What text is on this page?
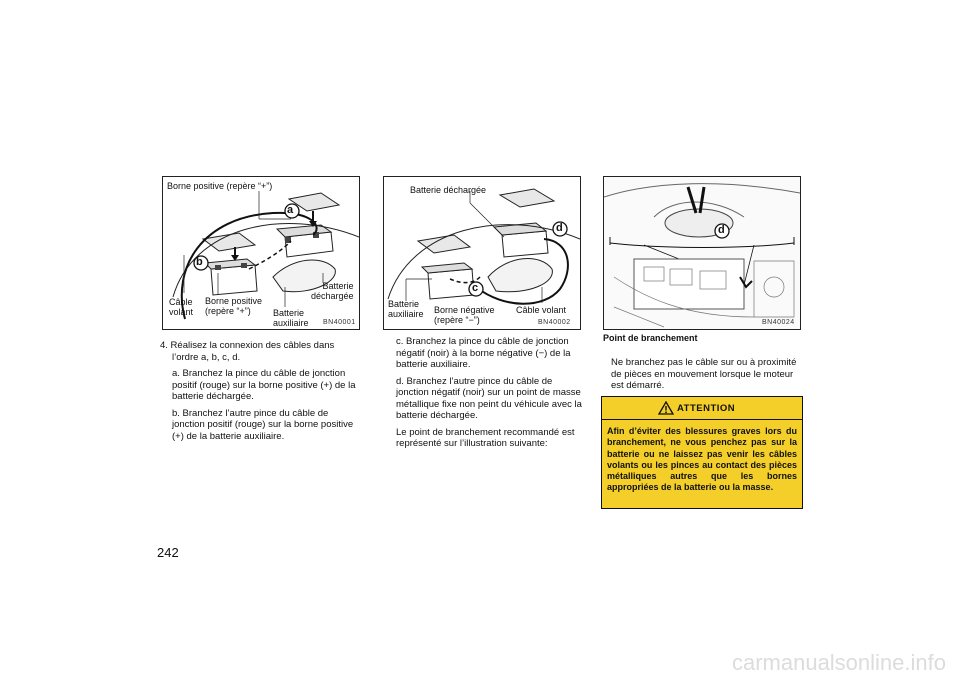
a
b
Borne positive (repère “+”)
Batterie
déchargée
Câble
volant
Borne positive
(repère “+”)	Batterie
auxiliaire BN40001
c
d
Batterie déchargée
Batterie
auxiliaire Borne négative
(repère “−”)
Câble volant
BN40002
d
BN40024
Point de branchement

4. Réalisez la connexion des câbles dans l’ordre a, b, c, d.

a. Branchez la pince du câble de jonction positif (rouge) sur la borne positive (+) de la batterie déchargée.

b. Branchez l’autre pince du câble de jonction positif (rouge) sur la borne positive (+) de la batterie auxiliaire.

c. Branchez la pince du câble de jonction négatif (noir) à la borne négative (−) de la batterie auxiliaire.

d. Branchez l’autre pince du câble de jonction négatif (noir) sur un point de masse métallique fixe non peint du véhicule avec la batterie déchargée.

Le point de branchement recommandé est représenté sur l’illustration suivante:

Ne branchez pas le câble sur ou à proximité de pièces en mouvement lorsque le moteur est démarré.
ATTENTION
Afin d’éviter des blessures graves lors du branchement, ne vous penchez pas sur la batterie ou ne laissez pas venir les câbles volants ou les pinces au contact des pièces métalliques autres que les bornes appropriées de la batterie ou la masse.
242
carmanualsonline.info
